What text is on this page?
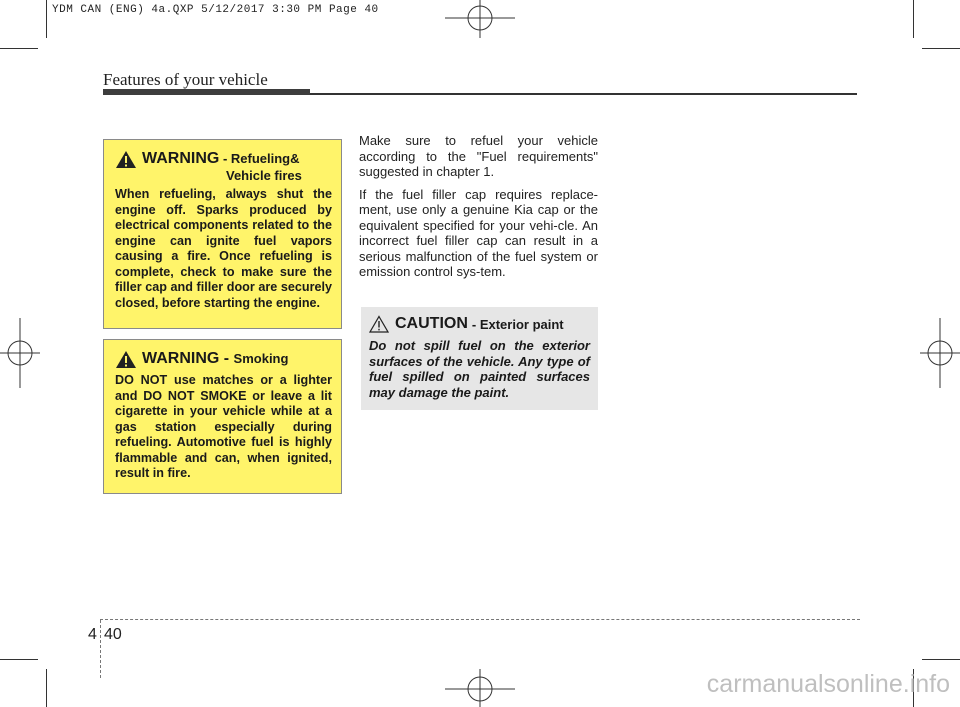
YDM CAN (ENG) 4a.QXP 5/12/2017 3:30 PM Page 40
Features of your vehicle
WARNING - Refueling&
Vehicle fires
When refueling, always shut the engine off. Sparks produced by electrical components related to the engine can ignite fuel vapors causing a fire. Once refueling is complete, check to make sure the filler cap and filler door are securely closed, before starting the engine.
WARNING - Smoking
DO NOT use matches or a lighter and DO NOT SMOKE or leave a lit cigarette in your vehicle while at a gas station especially during refueling. Automotive fuel is highly flammable and can, when ignited, result in fire.

Make sure to refuel your vehicle according to the "Fuel requirements" suggested in chapter 1.

If the fuel filler cap requires replace-ment, use only a genuine Kia cap or the equivalent specified for your vehi-cle. An incorrect fuel filler cap can result in a serious malfunction of the fuel system or emission control sys-tem.

CAUTION - Exterior paint
Do not spill fuel on the exterior surfaces of the vehicle. Any type of fuel spilled on painted surfaces may damage the paint.
4 40
carmanualsonline.info
